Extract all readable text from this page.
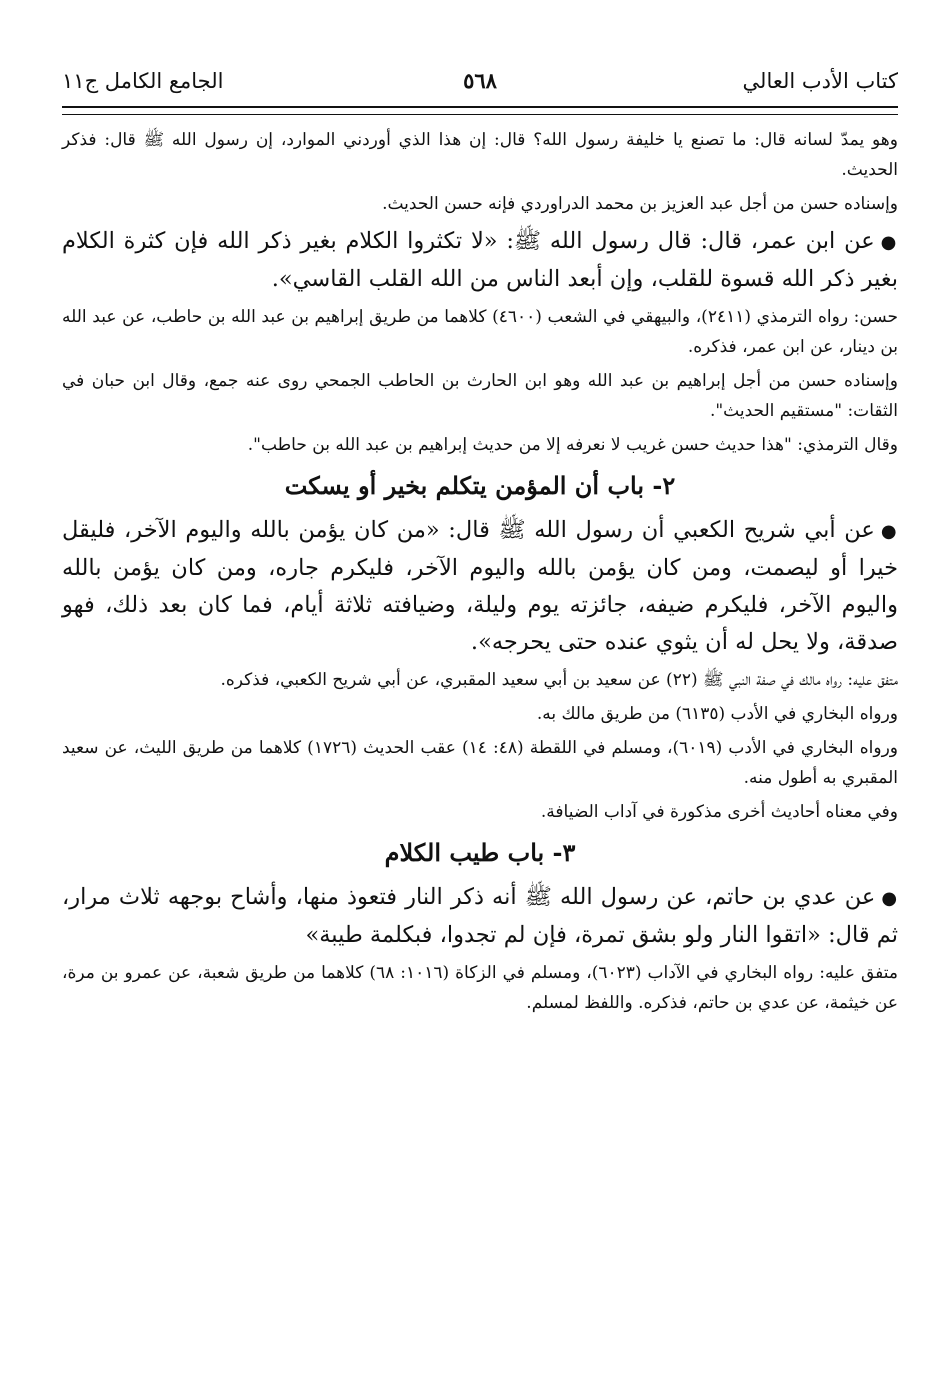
كتاب الأدب العالي
٥٦٨
الجامع الكامل ج١١

وهو يمدّ لسانه قال: ما تصنع يا خليفة رسول الله؟ قال: إن هذا الذي أوردني الموارد، إن رسول الله ﷺ قال: فذكر الحديث.

وإسناده حسن من أجل عبد العزيز بن محمد الدراوردي فإنه حسن الحديث.

●عن ابن عمر، قال: قال رسول الله ﷺ: «لا تكثروا الكلام بغير ذكر الله فإن كثرة الكلام بغير ذكر الله قسوة للقلب، وإن أبعد الناس من الله القلب القاسي».

حسن: رواه الترمذي (٢٤١١)، والبيهقي في الشعب (٤٦٠٠) كلاهما من طريق إبراهيم بن عبد الله بن حاطب، عن عبد الله بن دينار، عن ابن عمر، فذكره.

وإسناده حسن من أجل إبراهيم بن عبد الله وهو ابن الحارث بن الحاطب الجمحي روى عنه جمع، وقال ابن حبان في الثقات: "مستقيم الحديث".

وقال الترمذي: "هذا حديث حسن غريب لا نعرفه إلا من حديث إبراهيم بن عبد الله بن حاطب".

٢- باب أن المؤمن يتكلم بخير أو يسكت

●عن أبي شريح الكعبي أن رسول الله ﷺ قال: «من كان يؤمن بالله واليوم الآخر، فليقل خيرا أو ليصمت، ومن كان يؤمن بالله واليوم الآخر، فليكرم جاره، ومن كان يؤمن بالله واليوم الآخر، فليكرم ضيفه، جائزته يوم وليلة، وضيافته ثلاثة أيام، فما كان بعد ذلك، فهو صدقة، ولا يحل له أن يثوي عنده حتى يحرجه».

متفق عليه: رواه مالك في صفة النبي ﷺ (٢٢) عن سعيد بن أبي سعيد المقبري، عن أبي شريح الكعبي، فذكره.

ورواه البخاري في الأدب (٦١٣٥) من طريق مالك به.

ورواه البخاري في الأدب (٦٠١٩)، ومسلم في اللقطة (٤٨: ١٤) عقب الحديث (١٧٢٦) كلاهما من طريق الليث، عن سعيد المقبري به أطول منه.

وفي معناه أحاديث أخرى مذكورة في آداب الضيافة.

٣- باب طيب الكلام

●عن عدي بن حاتم، عن رسول الله ﷺ أنه ذكر النار فتعوذ منها، وأشاح بوجهه ثلاث مرار، ثم قال: «اتقوا النار ولو بشق تمرة، فإن لم تجدوا، فبكلمة طيبة»

متفق عليه: رواه البخاري في الآداب (٦٠٢٣)، ومسلم في الزكاة (١٠١٦: ٦٨) كلاهما من طريق شعبة، عن عمرو بن مرة، عن خيثمة، عن عدي بن حاتم، فذكره. واللفظ لمسلم.
